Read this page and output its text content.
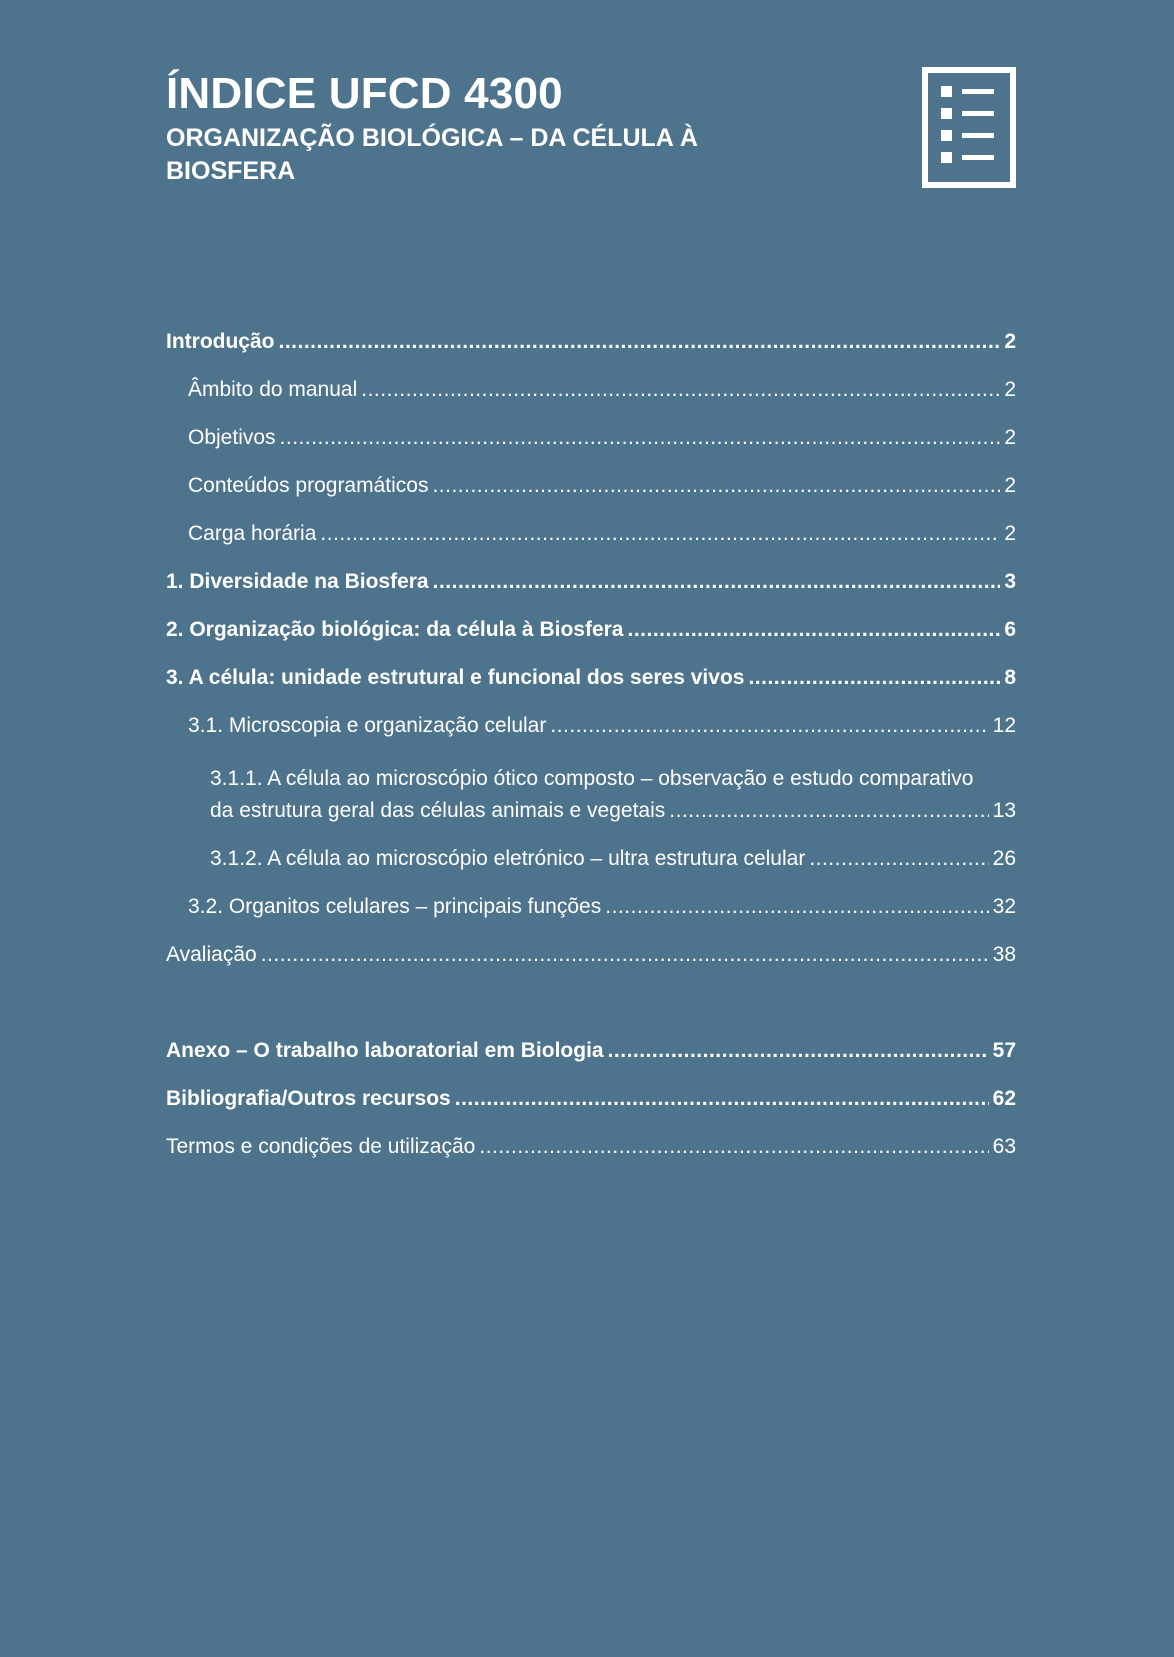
ÍNDICE UFCD 4300
ORGANIZAÇÃO BIOLÓGICA – DA CÉLULA À BIOSFERA
Introdução .....	2
Âmbito do manual .....	2
Objetivos .....	2
Conteúdos programáticos .....	2
Carga horária .....	2
1. Diversidade na Biosfera .....	3
2. Organização biológica: da célula à Biosfera .....	6
3. A célula: unidade estrutural e funcional dos seres vivos .....	8
3.1. Microscopia e organização celular .....	12
3.1.1. A célula ao microscópio ótico composto – observação e estudo comparativo
da estrutura geral das células animais e vegetais .....	13
3.1.2. A célula ao microscópio eletrónico – ultra estrutura celular .....	26
3.2. Organitos celulares – principais funções .....	32
Avaliação .....	38
Anexo – O trabalho laboratorial em Biologia .....	57
Bibliografia/Outros recursos .....	62
Termos e condições de utilização .....	63
